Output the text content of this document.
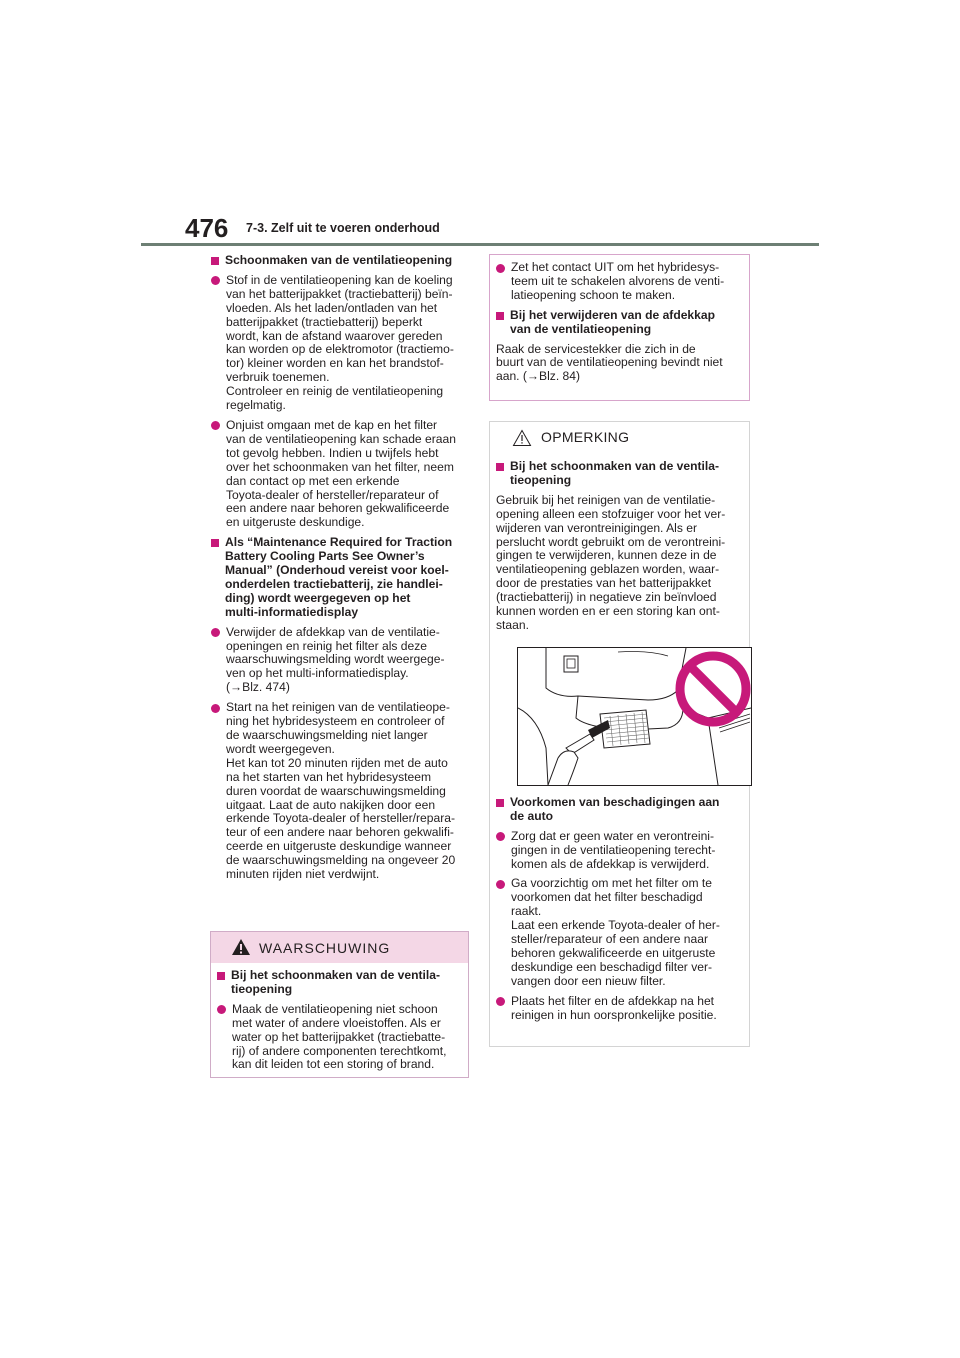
476 7-3. Zelf uit te voeren onderhoud
Schoonmaken van de ventilatieopening
Stof in de ventilatieopening kan de koeling
van het batterijpakket (tractiebatterij) beïn-
vloeden. Als het laden/ontladen van het
batterijpakket (tractiebatterij) beperkt
wordt, kan de afstand waarover gereden
kan worden op de elektromotor (tractiemo-
tor) kleiner worden en kan het brandstof-
verbruik toenemen.
Controleer en reinig de ventilatieopening
regelmatig.
Onjuist omgaan met de kap en het filter
van de ventilatieopening kan schade eraan
tot gevolg hebben. Indien u twijfels hebt
over het schoonmaken van het filter, neem
dan contact op met een erkende
Toyota-dealer of hersteller/reparateur of
een andere naar behoren gekwalificeerde
en uitgeruste deskundige.
Als “Maintenance Required for Traction
Battery Cooling Parts See Owner’s
Manual” (Onderhoud vereist voor koel-
onderdelen tractiebatterij, zie handlei-
ding) wordt weergegeven op het
multi-informatiedisplay
Verwijder de afdekkap van de ventilatie-
openingen en reinig het filter als deze
waarschuwingsmelding wordt weergege-
ven op het multi-informatiedisplay.
(→Blz. 474)
Start na het reinigen van de ventilatieope-
ning het hybridesysteem en controleer of
de waarschuwingsmelding niet langer
wordt weergegeven.
Het kan tot 20 minuten rijden met de auto
na het starten van het hybridesysteem
duren voordat de waarschuwingsmelding
uitgaat. Laat de auto nakijken door een
erkende Toyota-dealer of hersteller/repara-
teur of een andere naar behoren gekwalifi-
ceerde en uitgeruste deskundige wanneer
de waarschuwingsmelding na ongeveer 20
minuten rijden niet verdwijnt.
WAARSCHUWING
Bij het schoonmaken van de ventila-
tieopening
Maak de ventilatieopening niet schoon
met water of andere vloeistoffen. Als er
water op het batterijpakket (tractiebatte-
rij) of andere componenten terechtkomt,
kan dit leiden tot een storing of brand.
Zet het contact UIT om het hybridesys-
teem uit te schakelen alvorens de venti-
latieopening schoon te maken.
Bij het verwijderen van de afdekkap
van de ventilatieopening
Raak de servicestekker die zich in de
buurt van de ventilatieopening bevindt niet
aan. (→Blz. 84)
OPMERKING
Bij het schoonmaken van de ventila-
tieopening
Gebruik bij het reinigen van de ventilatie-
opening alleen een stofzuiger voor het ver-
wijderen van verontreinigingen. Als er
perslucht wordt gebruikt om de verontreini-
gingen te verwijderen, kunnen deze in de
ventilatieopening geblazen worden, waar-
door de prestaties van het batterijpakket
(tractiebatterij) in negatieve zin beïnvloed
kunnen worden en er een storing kan ont-
staan.
Voorkomen van beschadigingen aan
de auto
Zorg dat er geen water en verontreini-
gingen in de ventilatieopening terecht-
komen als de afdekkap is verwijderd.
Ga voorzichtig om met het filter om te
voorkomen dat het filter beschadigd
raakt.
Laat een erkende Toyota-dealer of her-
steller/reparateur of een andere naar
behoren gekwalificeerde en uitgeruste
deskundige een beschadigd filter ver-
vangen door een nieuw filter.
Plaats het filter en de afdekkap na het
reinigen in hun oorspronkelijke positie.
